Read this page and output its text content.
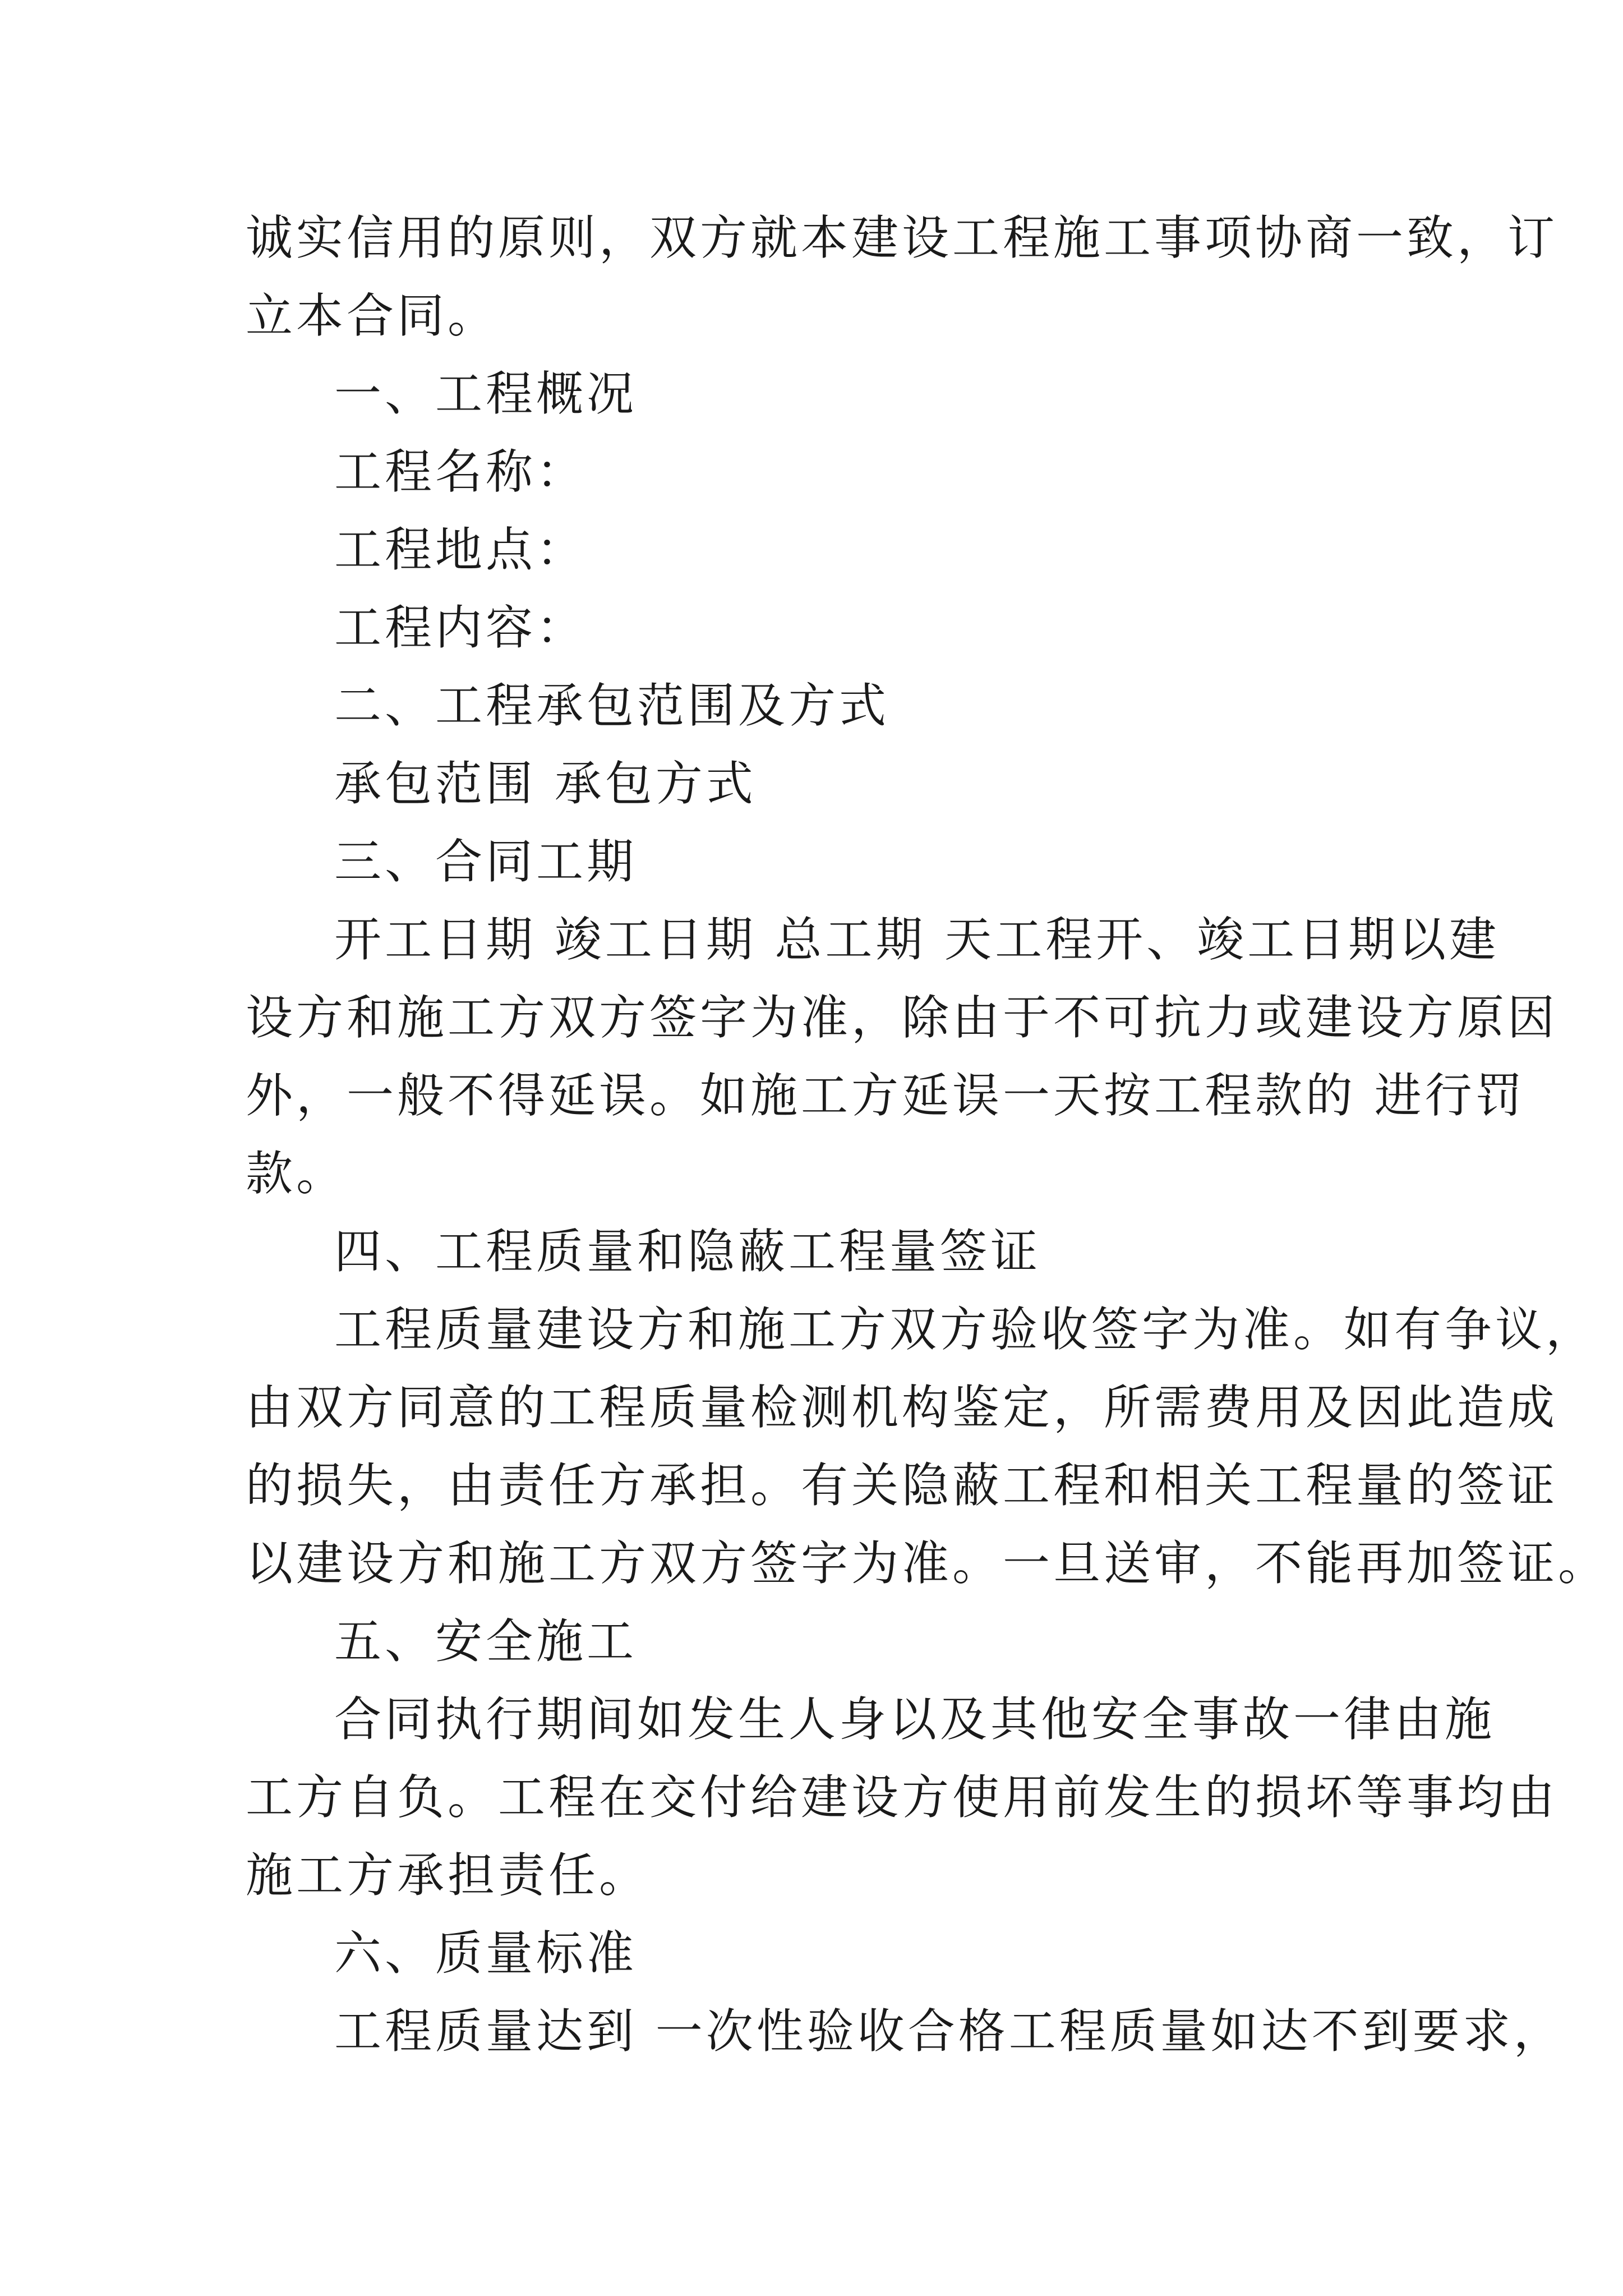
诚实信用的原则，双方就本建设工程施工事项协商一致，订
立本合同。
一、工程概况
工程名称：
工程地点：
工程内容：
二、工程承包范围及方式
承包范围 承包方式
三、合同工期
开工日期 竣工日期 总工期 天工程开、竣工日期以建
设方和施工方双方签字为准，除由于不可抗力或建设方原因
外，一般不得延误。如施工方延误一天按工程款的 进行罚
款。
四、工程质量和隐蔽工程量签证
工程质量建设方和施工方双方验收签字为准。如有争议，
由双方同意的工程质量检测机构鉴定，所需费用及因此造成
的损失，由责任方承担。有关隐蔽工程和相关工程量的签证
以建设方和施工方双方签字为准。一旦送审，不能再加签证。
五、安全施工
合同执行期间如发生人身以及其他安全事故一律由施
工方自负。工程在交付给建设方使用前发生的损坏等事均由
施工方承担责任。
六、质量标准
工程质量达到 一次性验收合格工程质量如达不到要求，
